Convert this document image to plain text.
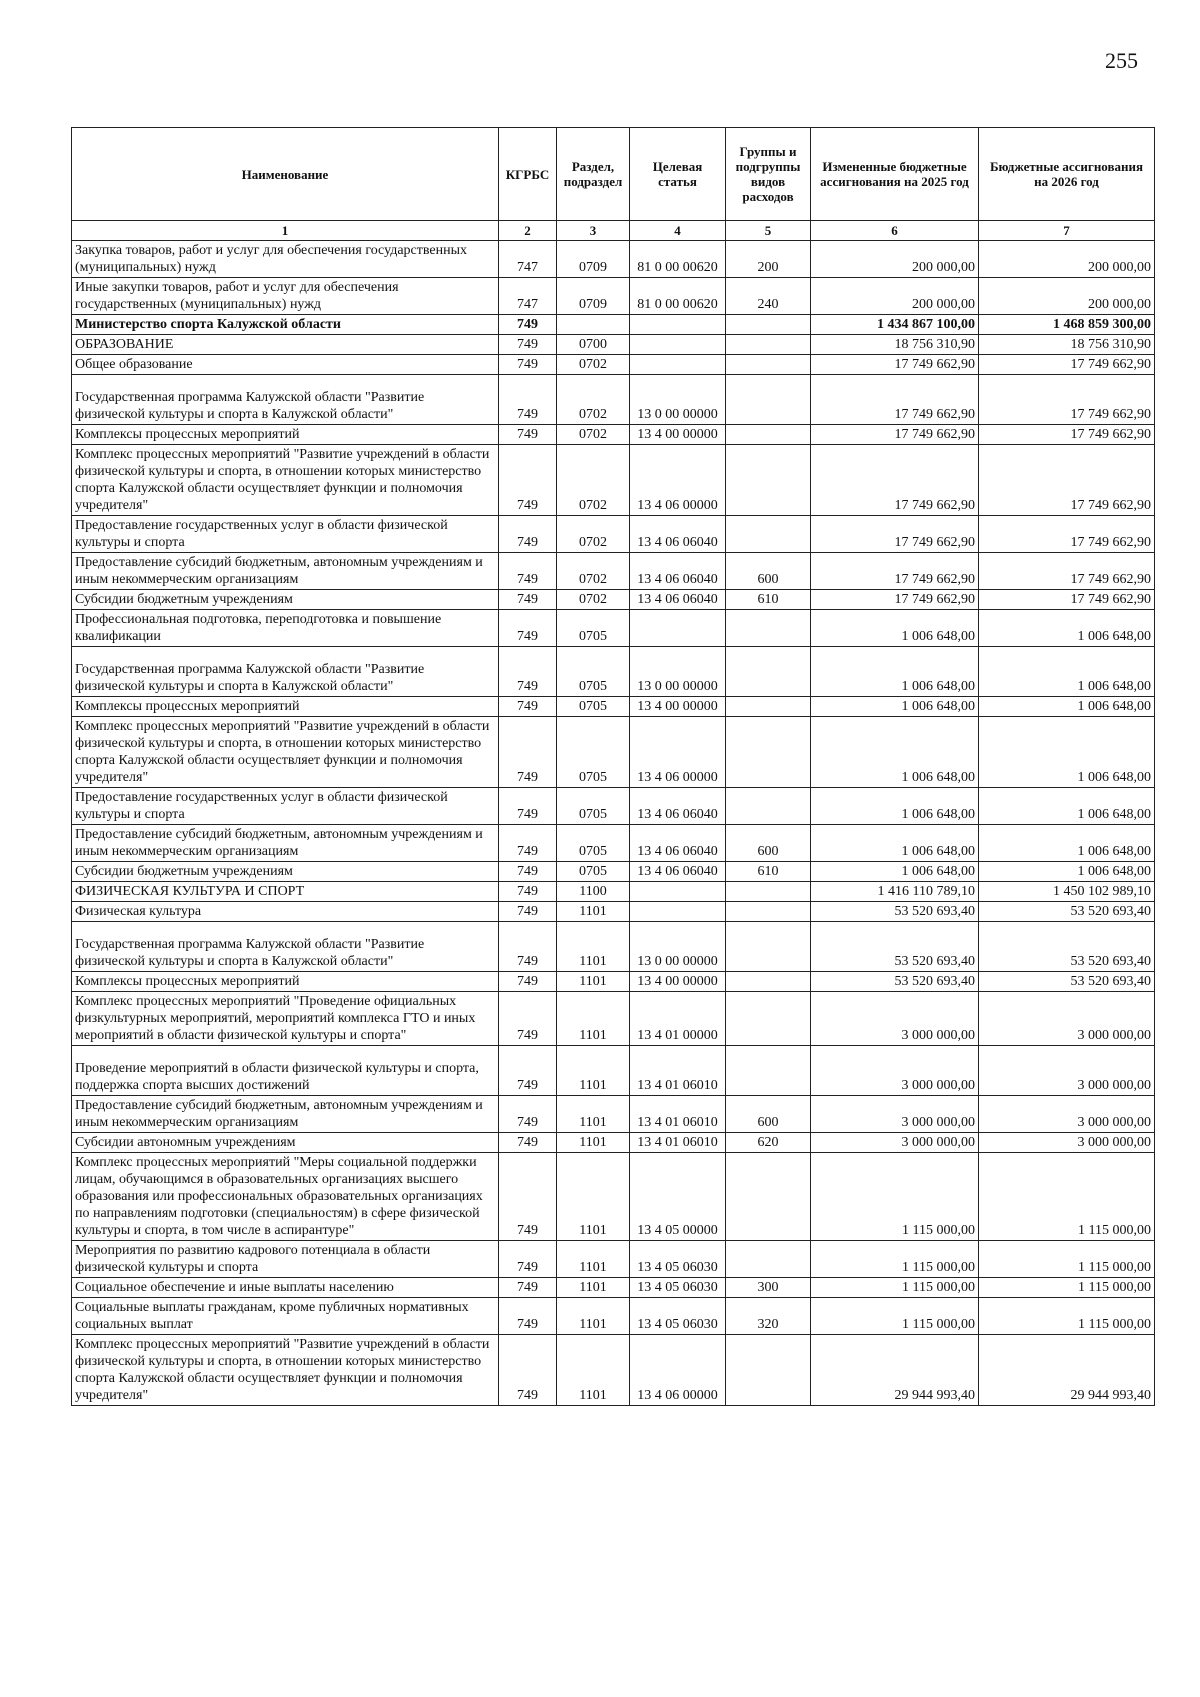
255
Наименование	КГРБС	Раздел, подраздел	Целевая статья	Группы и подгруппы видов расходов	Измененные бюджетные ассигнования на 2025 год	Бюджетные ассигнования на 2026 год
1	2	3	4	5	6	7
Закупка товаров, работ и услуг для обеспечения государственных (муниципальных) нужд	747	0709	81 0 00 00620	200	200 000,00	200 000,00
Иные закупки товаров, работ и услуг для обеспечения государственных (муниципальных) нужд	747	0709	81 0 00 00620	240	200 000,00	200 000,00
Министерство спорта Калужской области	749				1 434 867 100,00	1 468 859 300,00
ОБРАЗОВАНИЕ	749	0700			18 756 310,90	18 756 310,90
Общее образование	749	0702			17 749 662,90	17 749 662,90
Государственная программа Калужской области "Развитие физической культуры и спорта в Калужской области"	749	0702	13 0 00 00000		17 749 662,90	17 749 662,90
Комплексы процессных мероприятий	749	0702	13 4 00 00000		17 749 662,90	17 749 662,90
Комплекс процессных мероприятий "Развитие учреждений в области физической культуры и спорта, в отношении которых министерство спорта Калужской области осуществляет функции и полномочия учредителя"	749	0702	13 4 06 00000		17 749 662,90	17 749 662,90
Предоставление государственных услуг в области физической культуры и спорта	749	0702	13 4 06 06040		17 749 662,90	17 749 662,90
Предоставление субсидий бюджетным, автономным учреждениям и иным некоммерческим организациям	749	0702	13 4 06 06040	600	17 749 662,90	17 749 662,90
Субсидии бюджетным учреждениям	749	0702	13 4 06 06040	610	17 749 662,90	17 749 662,90
Профессиональная подготовка, переподготовка и повышение квалификации	749	0705			1 006 648,00	1 006 648,00
Государственная программа Калужской области "Развитие физической культуры и спорта в Калужской области"	749	0705	13 0 00 00000		1 006 648,00	1 006 648,00
Комплексы процессных мероприятий	749	0705	13 4 00 00000		1 006 648,00	1 006 648,00
Комплекс процессных мероприятий "Развитие учреждений в области физической культуры и спорта, в отношении которых министерство спорта Калужской области осуществляет функции и полномочия учредителя"	749	0705	13 4 06 00000		1 006 648,00	1 006 648,00
Предоставление государственных услуг в области физической культуры и спорта	749	0705	13 4 06 06040		1 006 648,00	1 006 648,00
Предоставление субсидий бюджетным, автономным учреждениям и иным некоммерческим организациям	749	0705	13 4 06 06040	600	1 006 648,00	1 006 648,00
Субсидии бюджетным учреждениям	749	0705	13 4 06 06040	610	1 006 648,00	1 006 648,00
ФИЗИЧЕСКАЯ КУЛЬТУРА И СПОРТ	749	1100			1 416 110 789,10	1 450 102 989,10
Физическая культура	749	1101			53 520 693,40	53 520 693,40
Государственная программа Калужской области "Развитие физической культуры и спорта в Калужской области"	749	1101	13 0 00 00000		53 520 693,40	53 520 693,40
Комплексы процессных мероприятий	749	1101	13 4 00 00000		53 520 693,40	53 520 693,40
Комплекс процессных мероприятий "Проведение официальных физкультурных мероприятий, мероприятий комплекса ГТО и иных мероприятий в области физической культуры и спорта"	749	1101	13 4 01 00000		3 000 000,00	3 000 000,00
Проведение мероприятий в области физической культуры и спорта, поддержка спорта высших достижений	749	1101	13 4 01 06010		3 000 000,00	3 000 000,00
Предоставление субсидий бюджетным, автономным учреждениям и иным некоммерческим организациям	749	1101	13 4 01 06010	600	3 000 000,00	3 000 000,00
Субсидии автономным учреждениям	749	1101	13 4 01 06010	620	3 000 000,00	3 000 000,00
Комплекс процессных мероприятий "Меры социальной поддержки лицам, обучающимся в образовательных организациях высшего образования или профессиональных образовательных организациях по направлениям подготовки (специальностям) в сфере физической культуры и спорта, в том числе в аспирантуре"	749	1101	13 4 05 00000		1 115 000,00	1 115 000,00
Мероприятия по развитию кадрового потенциала в области физической культуры и спорта	749	1101	13 4 05 06030		1 115 000,00	1 115 000,00
Социальное обеспечение и иные выплаты населению	749	1101	13 4 05 06030	300	1 115 000,00	1 115 000,00
Социальные выплаты гражданам, кроме публичных нормативных социальных выплат	749	1101	13 4 05 06030	320	1 115 000,00	1 115 000,00
Комплекс процессных мероприятий "Развитие учреждений в области физической культуры и спорта, в отношении которых министерство спорта Калужской области осуществляет функции и полномочия учредителя"	749	1101	13 4 06 00000		29 944 993,40	29 944 993,40
